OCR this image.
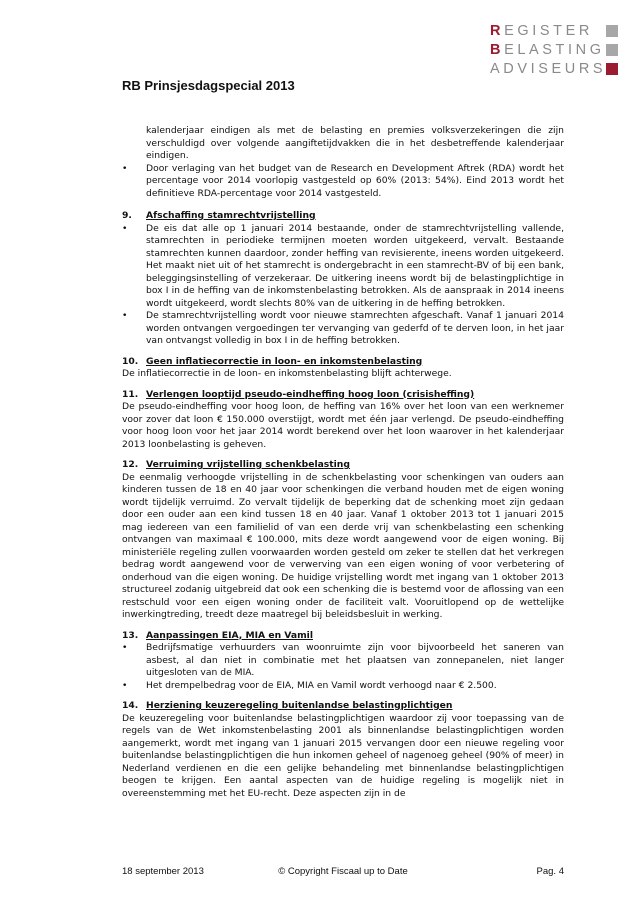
REGISTER
BELASTING
ADVISEURS
RB Prinsjesdagspecial 2013
kalenderjaar eindigen als met de belasting en premies volksverzekeringen die zijn verschuldigd over volgende aangiftetijdvakken die in het desbetreffende kalenderjaar eindigen.
• Door verlaging van het budget van de Research en Development Aftrek (RDA) wordt het percentage voor 2014 voorlopig vastgesteld op 60% (2013: 54%). Eind 2013 wordt het definitieve RDA-percentage voor 2014 vastgesteld.
9. Afschaffing stamrechtvrijstelling
• De eis dat alle op 1 januari 2014 bestaande, onder de stamrechtvrijstelling vallende, stamrechten in periodieke termijnen moeten worden uitgekeerd, vervalt. Bestaande stamrechten kunnen daardoor, zonder heffing van revisierente, ineens worden uitgekeerd. Het maakt niet uit of het stamrecht is ondergebracht in een stamrecht-BV of bij een bank, beleggingsinstelling of verzekeraar. De uitkering ineens wordt bij de belastingplichtige in box I in de heffing van de inkomstenbelasting betrokken. Als de aanspraak in 2014 ineens wordt uitgekeerd, wordt slechts 80% van de uitkering in de heffing betrokken.
• De stamrechtvrijstelling wordt voor nieuwe stamrechten afgeschaft. Vanaf 1 januari 2014 worden ontvangen vergoedingen ter vervanging van gederfd of te derven loon, in het jaar van ontvangst volledig in box I in de heffing betrokken.
10. Geen inflatiecorrectie in loon- en inkomstenbelasting
De inflatiecorrectie in de loon- en inkomstenbelasting blijft achterwege.
11. Verlengen looptijd pseudo-eindheffing hoog loon (crisisheffing)
De pseudo-eindheffing voor hoog loon, de heffing van 16% over het loon van een werknemer voor zover dat loon € 150.000 overstijgt, wordt met één jaar verlengd. De pseudo-eindheffing voor hoog loon voor het jaar 2014 wordt berekend over het loon waarover in het kalenderjaar 2013 loonbelasting is geheven.
12. Verruiming vrijstelling schenkbelasting
De eenmalig verhoogde vrijstelling in de schenkbelasting voor schenkingen van ouders aan kinderen tussen de 18 en 40 jaar voor schenkingen die verband houden met de eigen woning wordt tijdelijk verruimd. Zo vervalt tijdelijk de beperking dat de schenking moet zijn gedaan door een ouder aan een kind tussen 18 en 40 jaar. Vanaf 1 oktober 2013 tot 1 januari 2015 mag iedereen van een familielid of van een derde vrij van schenkbelasting een schenking ontvangen van maximaal € 100.000, mits deze wordt aangewend voor de eigen woning. Bij ministeriële regeling zullen voorwaarden worden gesteld om zeker te stellen dat het verkregen bedrag wordt aangewend voor de verwerving van een eigen woning of voor verbetering of onderhoud van die eigen woning. De huidige vrijstelling wordt met ingang van 1 oktober 2013 structureel zodanig uitgebreid dat ook een schenking die is bestemd voor de aflossing van een restschuld voor een eigen woning onder de faciliteit valt. Vooruitlopend op de wettelijke inwerkingtreding, treedt deze maatregel bij beleidsbesluit in werking.
13. Aanpassingen EIA, MIA en Vamil
• Bedrijfsmatige verhuurders van woonruimte zijn voor bijvoorbeeld het saneren van asbest, al dan niet in combinatie met het plaatsen van zonnepanelen, niet langer uitgesloten van de MIA.
• Het drempelbedrag voor de EIA, MIA en Vamil wordt verhoogd naar € 2.500.
14. Herziening keuzeregeling buitenlandse belastingplichtigen
De keuzeregeling voor buitenlandse belastingplichtigen waardoor zij voor toepassing van de regels van de Wet inkomstenbelasting 2001 als binnenlandse belastingplichtigen worden aangemerkt, wordt met ingang van 1 januari 2015 vervangen door een nieuwe regeling voor buitenlandse belastingplichtigen die hun inkomen geheel of nagenoeg geheel (90% of meer) in Nederland verdienen en die een gelijke behandeling met binnenlandse belastingplichtigen beogen te krijgen. Een aantal aspecten van de huidige regeling is mogelijk niet in overeenstemming met het EU-recht. Deze aspecten zijn in de
18 september 2013	© Copyright Fiscaal up to Date	Pag. 4
